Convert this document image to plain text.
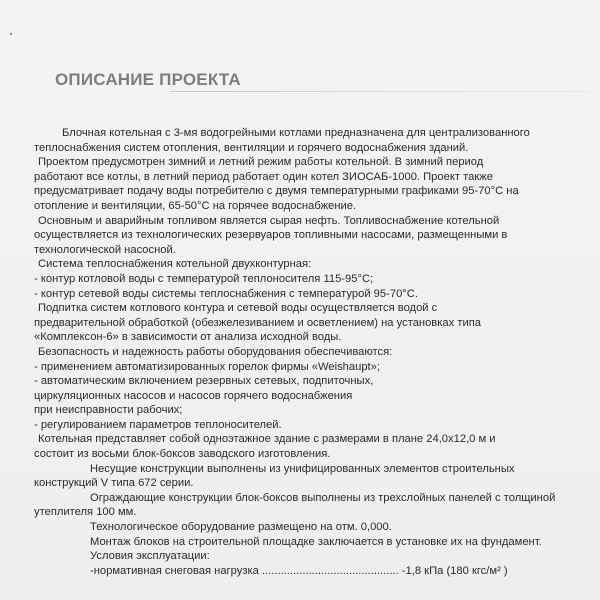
ОПИСАНИЕ ПРОЕКТА
Блочная котельная с 3-мя водогрейными котлами предназначена для централизованного
теплоснабжения систем отопления, вентиляции и горячего водоснабжения зданий.
Проектом предусмотрен зимний и летний режим работы котельной. В зимний период
работают все котлы, в летний период работает один котел ЗИОСАБ-1000. Проект также
предусматривает подачу воды потребителю с двумя температурными графиками 95-70°С на
отопление и вентиляции, 65-50°С на горячее водоснабжение.
Основным и аварийным топливом является сырая нефть. Топливоснабжение котельной
осуществляется из технологических резервуаров топливными насосами, размещенными в
технологической насосной.
Система теплоснабжения котельной двухконтурная:
- контур котловой воды с температурой теплоносителя 115-95°С;
- контур сетевой воды системы теплоснабжения с температурой 95-70°С.
Подпитка систем котлового контура и сетевой воды осуществляется водой с
предварительной обработкой (обезжелезиванием и осветлением) на установках типа
«Комплексон-6» в зависимости от анализа исходной воды.
Безопасность и надежность работы оборудования обеспечиваются:
- применением автоматизированных горелок фирмы «Weishaupt»;
- автоматическим включением резервных сетевых, подпиточных,
циркуляционных насосов и насосов горячего водоснабжения
при неисправности рабочих;
- регулированием параметров теплоносителей.
Котельная представляет собой одноэтажное здание с размерами в плане 24,0х12,0 м и
состоит из восьми блок-боксов заводского изготовления.
Несущие конструкции выполнены из унифицированных элементов строительных
конструкций V типа 672 серии.
Ограждающие конструкции блок-боксов выполнены из трехслойных панелей с толщиной
утеплителя 100 мм.
Технологическое оборудование размещено на отм. 0,000.
Монтаж блоков на строительной площадке заключается в установке их на фундамент.
Условия эксплуатации:
-нормативная снеговая нагрузка ............................................ -1,8 кПа (180 кгс/м² )
